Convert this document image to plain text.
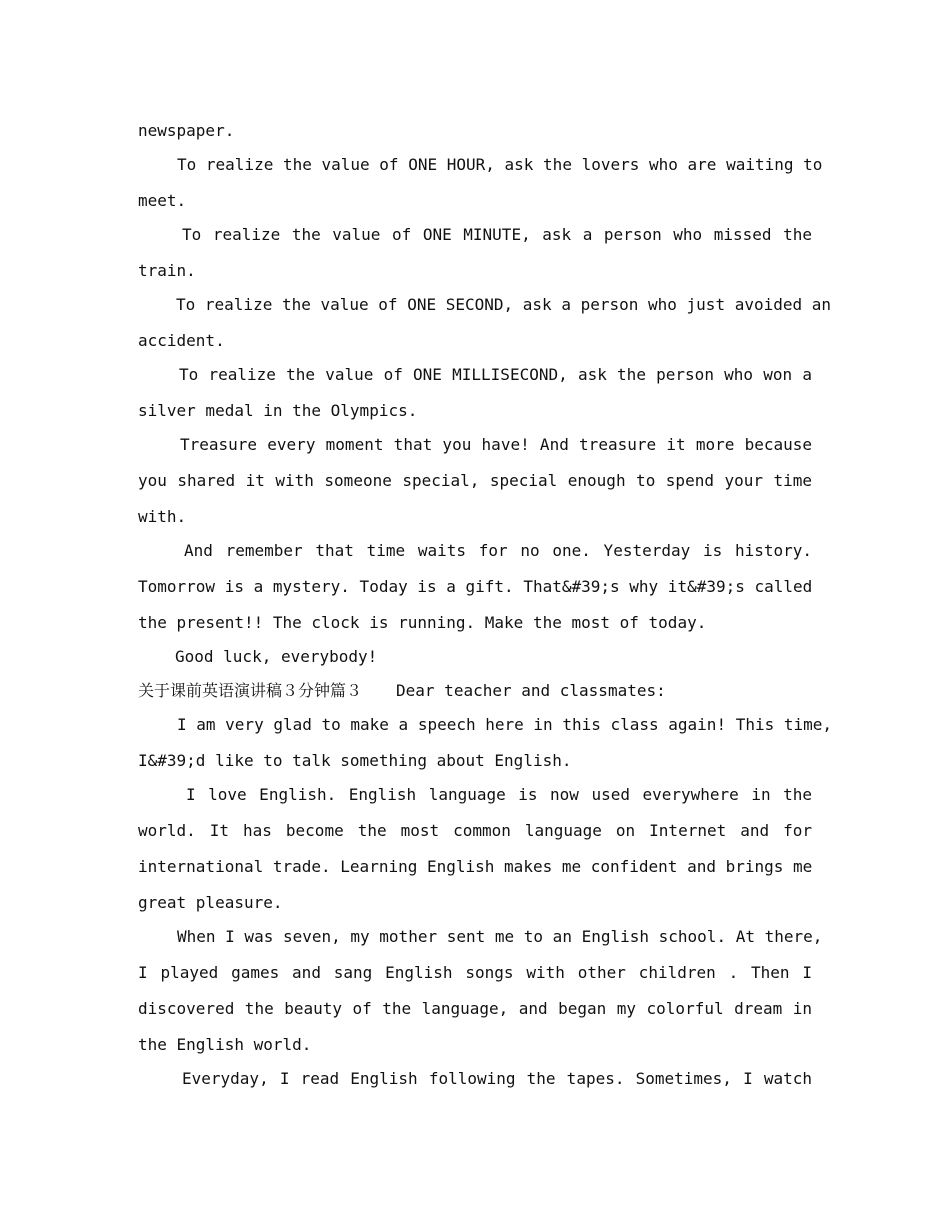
newspaper.
To realize the value of ONE HOUR, ask the lovers who are waiting to
meet.
To realize the value of ONE MINUTE, ask a person who missed the
train.
To realize the value of ONE SECOND, ask a person who just avoided an
accident.
To realize the value of ONE MILLISECOND, ask the person who won a
silver medal in the Olympics.
Treasure every moment that you have! And treasure it more because
you shared it with someone special, special enough to spend your time
with.
And remember that time waits for no one. Yesterday is history.
Tomorrow is a mystery. Today is a gift. That&#39;s why it&#39;s called
the present!! The clock is running. Make the most of today.
Good luck, everybody!
关于课前英语演讲稿３分钟篇３ Dear teacher and classmates:
I am very glad to make a speech here in this class again! This time,
I&#39;d like to talk something about English.
I love English. English language is now used everywhere in the
world. It has become the most common language on Internet and for
international trade. Learning English makes me confident and brings me
great pleasure.
When I was seven, my mother sent me to an English school. At there,
I played games and sang English songs with other children . Then I
discovered the beauty of the language, and began my colorful dream in
the English world.
Everyday, I read English following the tapes. Sometimes, I watch
